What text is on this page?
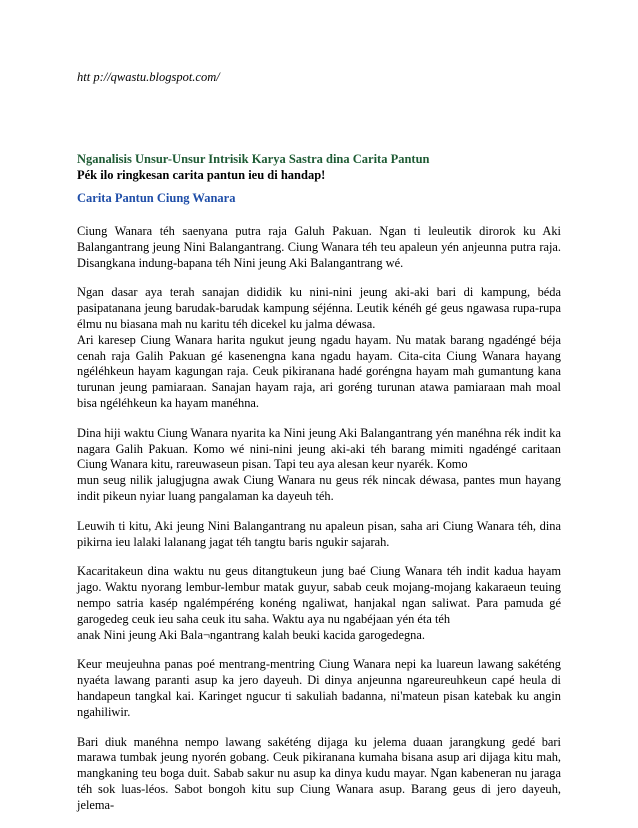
htt p://qwastu.blogspot.com/
Nganalisis Unsur-Unsur Intrisik Karya Sastra dina Carita Pantun
Pék ilo ringkesan carita pantun ieu di handap!
Carita Pantun Ciung Wanara

Ciung Wanara téh saenyana putra raja Galuh Pakuan. Ngan ti leuleutik dirorok ku Aki Balangantrang jeung Nini Balangantrang. Ciung Wanara téh teu apaleun yén anjeunna putra raja. Disangkana indung-bapana téh Nini jeung Aki Balangantrang wé.

Ngan dasar aya terah sanajan dididik ku nini-nini jeung aki-aki bari di kampung, béda pasipatanana jeung barudak-barudak kampung séjénna. Leutik kénéh gé geus ngawasa rupa-rupa élmu nu biasana mah nu karitu téh dicekel ku jalma déwasa.
Ari karesep Ciung Wanara harita ngukut jeung ngadu hayam. Nu matak barang ngadéngé béja cenah raja Galih Pakuan gé kasenengna kana ngadu hayam. Cita-cita Ciung Wanara hayang ngéléhkeun hayam kagungan raja. Ceuk pikiranana hadé goréngna hayam mah gumantung kana turunan jeung pamiaraan. Sanajan hayam raja, ari goréng turunan atawa pamiaraan mah moal bisa ngéléhkeun ka hayam manéhna.

Dina hiji waktu Ciung Wanara nyarita ka Nini jeung Aki Balangantrang yén manéhna rék indit ka nagara Galih Pakuan. Komo wé nini-nini jeung aki-aki téh barang mimiti ngadéngé caritaan Ciung Wanara kitu, rareuwaseun pisan. Tapi teu aya alesan keur nyarék. Komo
mun seug nilik jalugjugna awak Ciung Wanara nu geus rék nincak déwasa, pantes mun hayang indit pikeun nyiar luang pangalaman ka dayeuh téh.

Leuwih ti kitu, Aki jeung Nini Balangantrang nu apaleun pisan, saha ari Ciung Wanara téh, dina pikirna ieu lalaki lalanang jagat téh tangtu baris ngukir sajarah.

Kacaritakeun dina waktu nu geus ditangtukeun jung baé Ciung Wanara téh indit kadua hayam jago. Waktu nyorang lembur-lembur matak guyur, sabab ceuk mojang-mojang kakaraeun teuing nempo satria kasép ngalémpéréng konéng ngaliwat, hanjakal ngan saliwat. Para pamuda gé garogedeg ceuk ieu saha ceuk itu saha. Waktu aya nu ngabéjaan yén éta téh
anak Nini jeung Aki Bala¬ngantrang kalah beuki kacida garogedegna.

Keur meujeuhna panas poé mentrang-mentring Ciung Wanara nepi ka luareun lawang sakéténg nyaéta lawang paranti asup ka jero dayeuh. Di dinya anjeunna ngareureuhkeun capé heula di handapeun tangkal kai. Karinget ngucur ti sakuliah badanna, ni'mateun pisan katebak ku angin ngahiliwir.

Bari diuk manéhna nempo lawang sakéténg dijaga ku jelema duaan jarangkung gedé bari marawa tumbak jeung nyorén gobang. Ceuk pikiranana kumaha bisana asup ari dijaga kitu mah, mangkaning teu boga duit. Sabab sakur nu asup ka dinya kudu mayar. Ngan kabeneran nu jaraga téh sok luas-léos. Sabot bongoh kitu sup Ciung Wanara asup. Barang geus di jero dayeuh, jelema-
